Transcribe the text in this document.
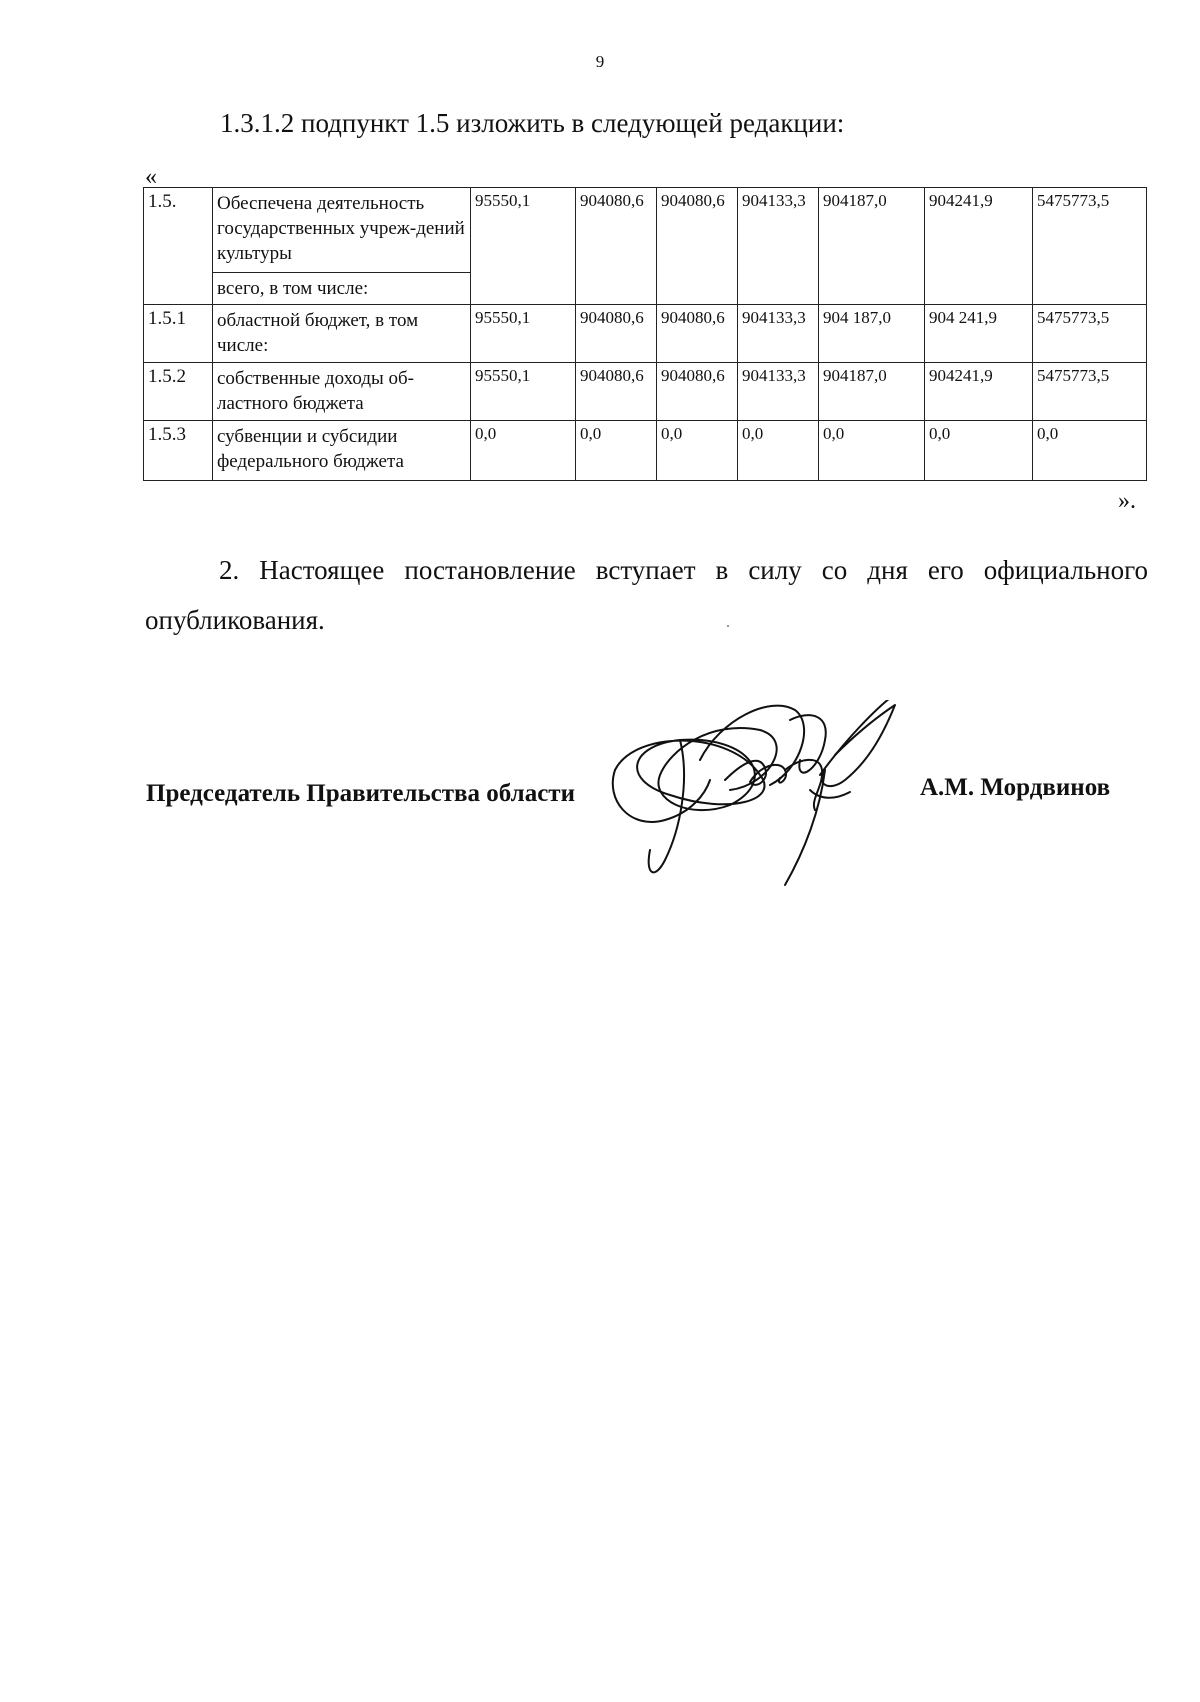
9
1.3.1.2 подпункт 1.5 изложить в следующей редакции:
«
1.5.	Обеспечена деятельность государственных учреж-дений культуры	95550,1	904080,6	904080,6	904133,3	904187,0	904241,9	5475773,5
	всего, в том числе:							
1.5.1	областной бюджет, в том числе:	95550,1	904080,6	904080,6	904133,3	904 187,0	904 241,9	5475773,5
1.5.2	собственные доходы об-ластного бюджета	95550,1	904080,6	904080,6	904133,3	904187,0	904241,9	5475773,5
1.5.3	субвенции и субсидии федерального бюджета	0,0	0,0	0,0	0,0	0,0	0,0	0,0
».

2. Настоящее постановление вступает в силу со дня его официального опубликования.

Председатель Правительства области	А.М. Мордвинов
